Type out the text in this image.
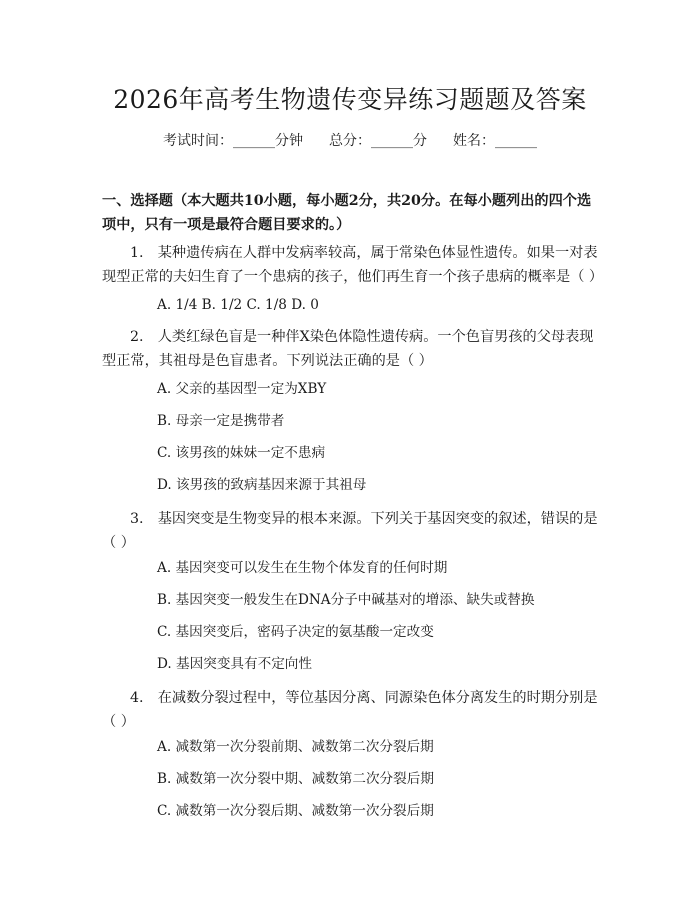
2026年高考生物遗传变异练习题题及答案
考试时间：______分钟 总分：______分 姓名：______
一、选择题（本大题共10小题，每小题2分，共20分。在每小题列出的四个选项中，只有一项是最符合题目要求的。）
1.　某种遗传病在人群中发病率较高，属于常染色体显性遗传。如果一对表现型正常的夫妇生育了一个患病的孩子，他们再生育一个孩子患病的概率是（ ）
A. 1/4 B. 1/2 C. 1/8 D. 0
2.　人类红绿色盲是一种伴X染色体隐性遗传病。一个色盲男孩的父母表现型正常，其祖母是色盲患者。下列说法正确的是（ ）
A. 父亲的基因型一定为XBY
B. 母亲一定是携带者
C. 该男孩的妹妹一定不患病
D. 该男孩的致病基因来源于其祖母
3.　基因突变是生物变异的根本来源。下列关于基因突变的叙述，错误的是（ ）
A. 基因突变可以发生在生物个体发育的任何时期
B. 基因突变一般发生在DNA分子中碱基对的增添、缺失或替换
C. 基因突变后，密码子决定的氨基酸一定改变
D. 基因突变具有不定向性
4.　在减数分裂过程中，等位基因分离、同源染色体分离发生的时期分别是（ ）
A. 减数第一次分裂前期、减数第二次分裂后期
B. 减数第一次分裂中期、减数第二次分裂后期
C. 减数第一次分裂后期、减数第一次分裂后期
